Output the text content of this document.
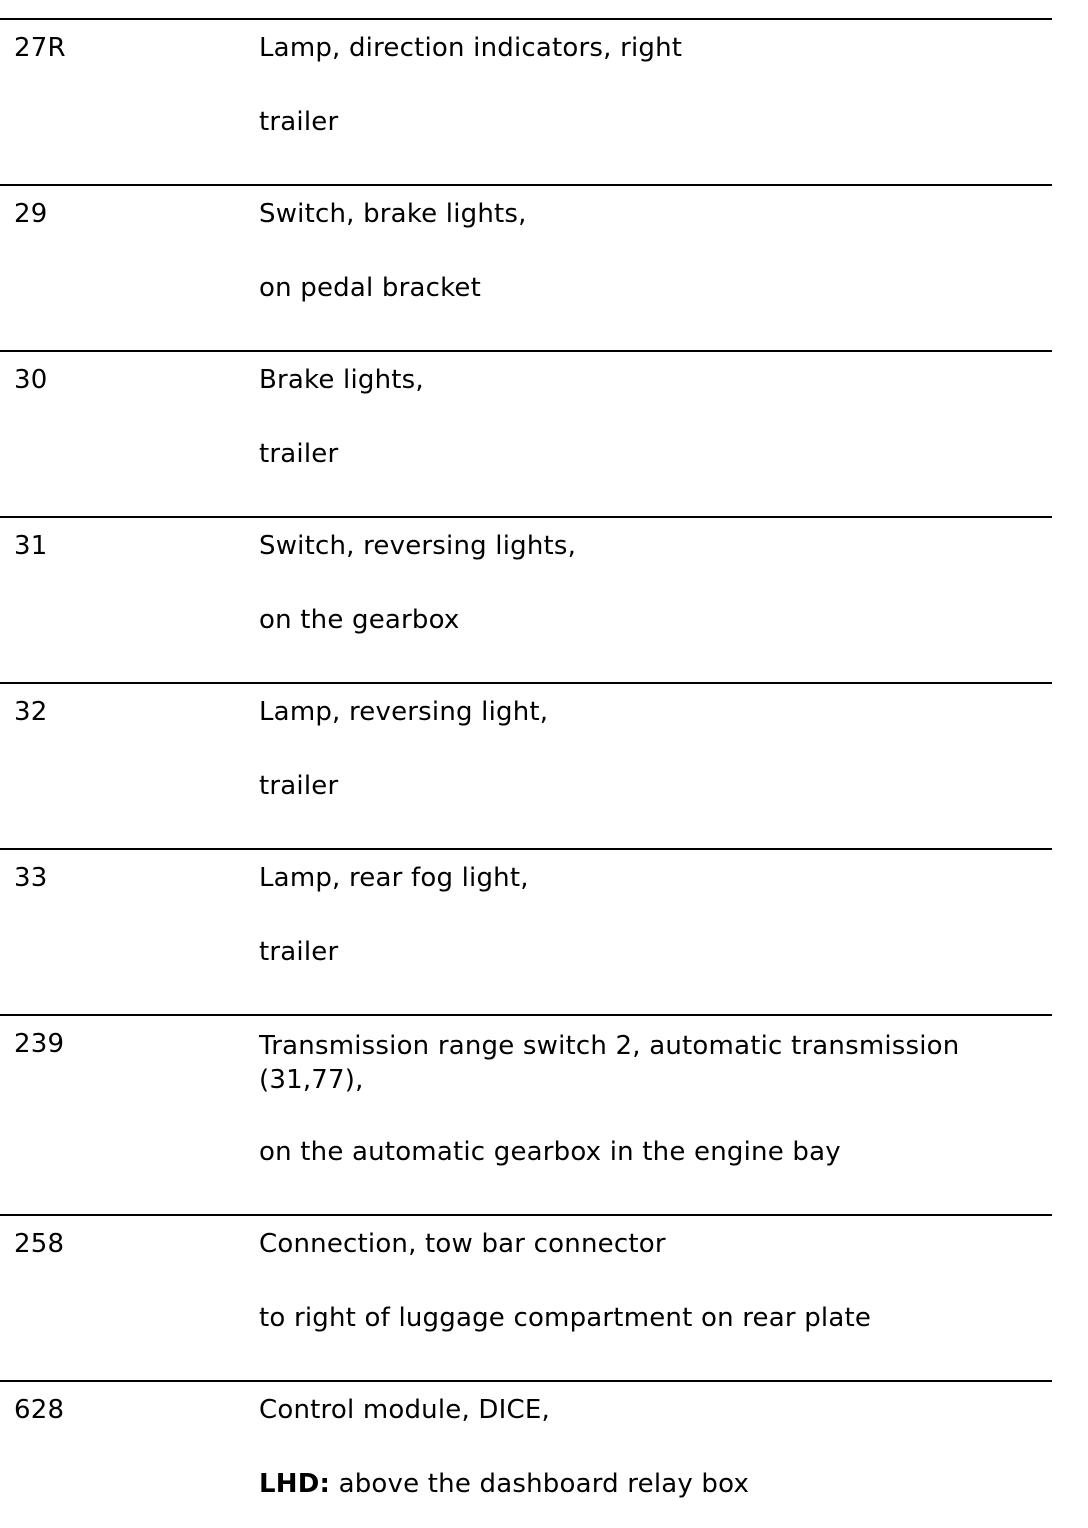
27R	Lamp, direction indicators, right
trailer
29	Switch, brake lights,
on pedal bracket
30	Brake lights,
trailer
31	Switch, reversing lights,
on the gearbox
32	Lamp, reversing light,
trailer
33	Lamp, rear fog light,
trailer
239	Transmission range switch 2, automatic transmission (31,77),
on the automatic gearbox in the engine bay
258	Connection, tow bar connector
to right of luggage compartment on rear plate
628	Control module, DICE,
LHD: above the dashboard relay box
